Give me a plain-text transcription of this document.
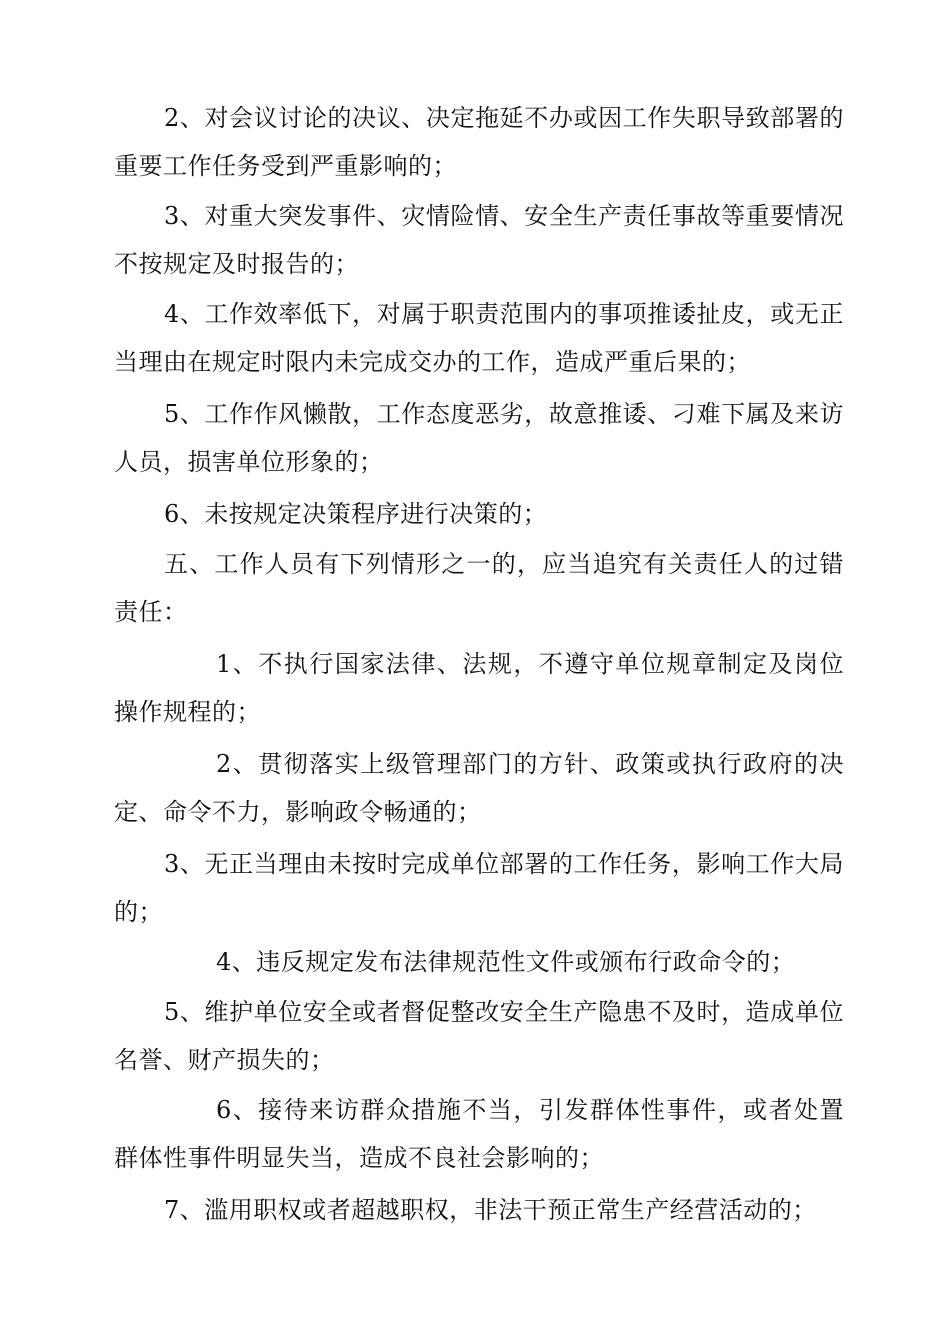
2、对会议讨论的决议、决定拖延不办或因工作失职导致部署的重要工作任务受到严重影响的；

3、对重大突发事件、灾情险情、安全生产责任事故等重要情况不按规定及时报告的；

4、工作效率低下，对属于职责范围内的事项推诿扯皮，或无正当理由在规定时限内未完成交办的工作，造成严重后果的；

5、工作作风懒散，工作态度恶劣，故意推诿、刁难下属及来访人员，损害单位形象的；

6、未按规定决策程序进行决策的；

五、工作人员有下列情形之一的，应当追究有关责任人的过错责任：

1、不执行国家法律、法规，不遵守单位规章制定及岗位操作规程的；

2、贯彻落实上级管理部门的方针、政策或执行政府的决定、命令不力，影响政令畅通的；

3、无正当理由未按时完成单位部署的工作任务，影响工作大局的；

4、违反规定发布法律规范性文件或颁布行政命令的；

5、维护单位安全或者督促整改安全生产隐患不及时，造成单位名誉、财产损失的；

6、接待来访群众措施不当，引发群体性事件，或者处置群体性事件明显失当，造成不良社会影响的；

7、滥用职权或者超越职权，非法干预正常生产经营活动的；
